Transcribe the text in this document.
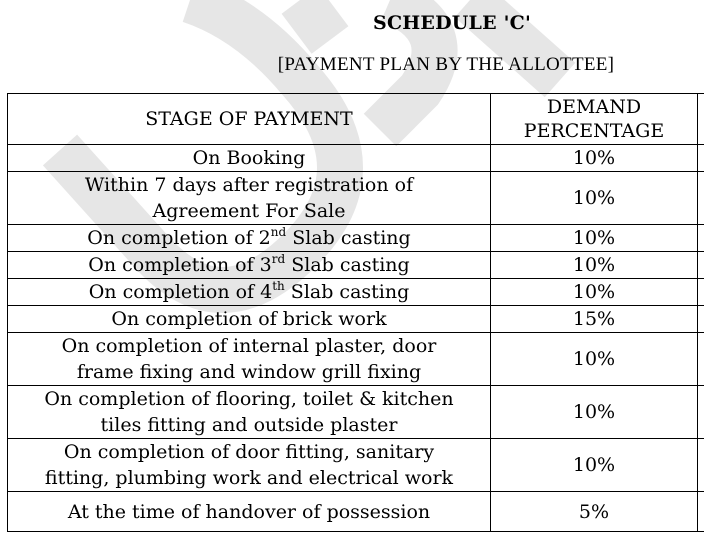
SCHEDULE 'C'
[PAYMENT PLAN BY THE ALLOTTEE]
STAGE OF PAYMENT	DEMAND
PERCENTAGE	
On Booking	10%	
Within 7 days after registration of
Agreement For Sale	10%	
On completion of 2nd Slab casting	10%	
On completion of 3rd Slab casting	10%	
On completion of 4th Slab casting	10%	
On completion of brick work	15%	
On completion of internal plaster, door
frame fixing and window grill fixing	10%	
On completion of flooring, toilet & kitchen
tiles fitting and outside plaster	10%	
On completion of door fitting, sanitary
fitting, plumbing work and electrical work	10%	
At the time of handover of possession	5%	
